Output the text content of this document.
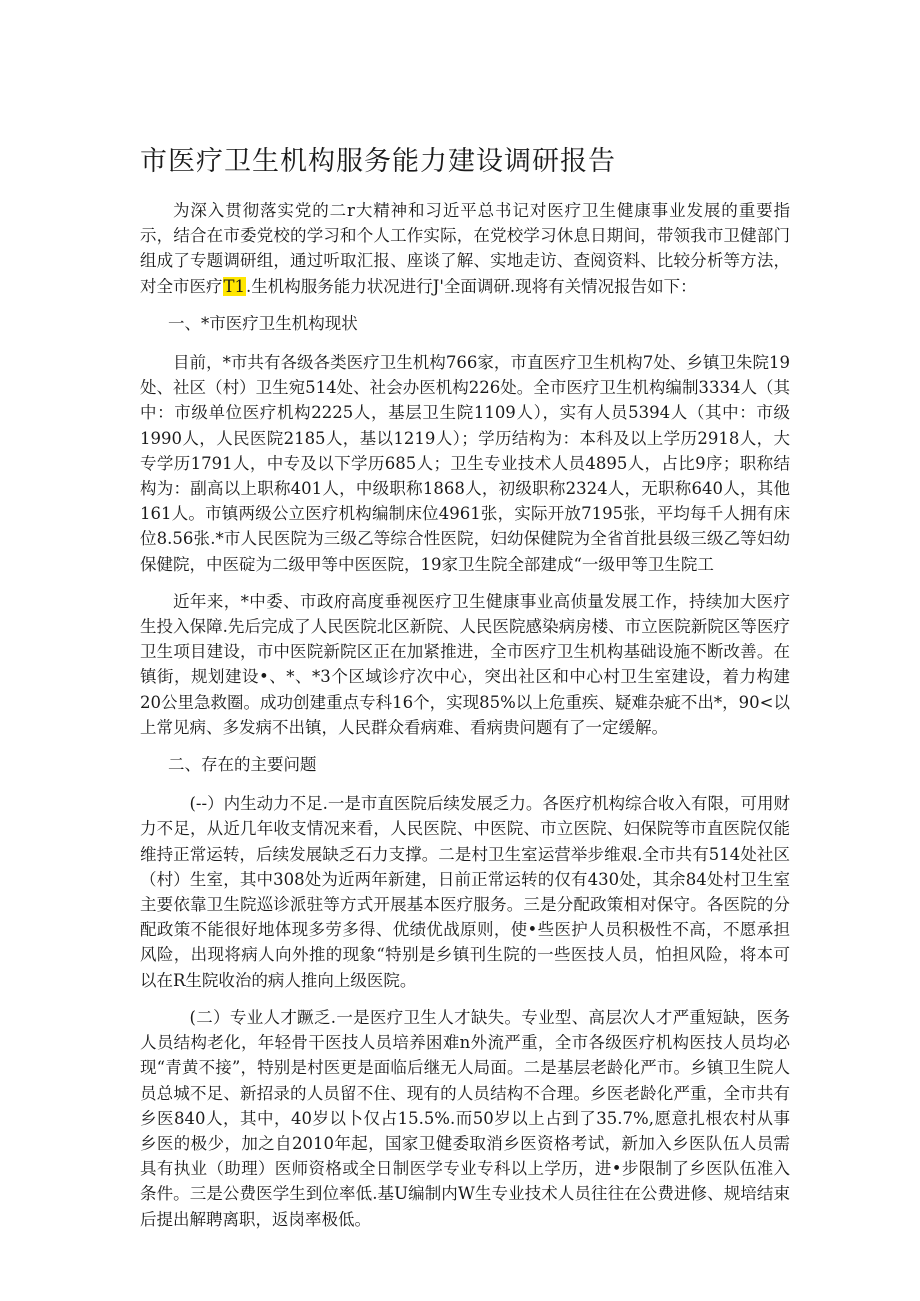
市医疗卫生机构服务能力建设调研报告

为深入贯彻落实党的二r大精神和习近平总书记对医疗卫生健康事业发展的重要指示，结合在市委党校的学习和个人工作实际，在党校学习休息日期间，带领我市卫健部门组成了专题调研组，通过听取汇报、座谈了解、实地走访、查阅资料、比较分析等方法，对全市医疗T1.生机构服务能力状况进行J'全面调研.现将有关情况报告如下：

一、*市医疗卫生机构现状

目前，*市共有各级各类医疗卫生机构766家，市直医疗卫生机构7处、乡镇卫朱院19处、社区（村）卫生宛514处、社会办医机构226处。全市医疗卫生机构编制3334人（其中：市级单位医疗机构2225人，基层卫生院1109人），实有人员5394人（其中：市级1990人，人民医院2185人，基以1219人）；学历结构为：本科及以上学历2918人，大专学历1791人，中专及以下学历685人；卫生专业技术人员4895人，占比9序；职称结构为：副高以上职称401人，中级职称1868人，初级职称2324人，无职称640人，其他161人。市镇两级公立医疗机构编制床位4961张，实际开放7195张，平均每千人拥有床位8.56张.*市人民医院为三级乙等综合性医院，妇幼保健院为全省首批县级三级乙等妇幼保健院，中医碇为二级甲等中医医院，19家卫生院全部建成“一级甲等卫生院工

近年来，*中委、市政府高度垂视医疗卫生健康事业高侦量发展工作，持续加大医疗生投入保障.先后完成了人民医院北区新院、人民医院感染病房楼、市立医院新院区等医疗卫生项目建设，市中医院新院区正在加紧推进，全市医疗卫生机构基础设施不断改善。在镇街，规划建设•、*、*3个区域诊疗次中心，突出社区和中心村卫生室建设，着力构建20公里急救圈。成功创建重点专科16个，实现85%以上危重疾、疑难杂疵不出*，90<以上常见病、多发病不出镇，人民群众看病难、看病贵问题有了一定缓解。

二、存在的主要问题

(--）内生动力不足.一是市直医院后续发展乏力。各医疗机构综合收入有限，可用财力不足，从近几年收支情况来看，人民医院、中医院、市立医院、妇保院等市直医院仅能维持正常运转，后续发展缺乏石力支撑。二是村卫生室运营举步维艰.全市共有514处社区（村）生室，其中308处为近两年新建，日前正常运转的仅有430处，其余84处村卫生室主要依靠卫生院巡诊派驻等方式开展基本医疗服务。三是分配政策相对保守。各医院的分配政策不能很好地体现多劳多得、优绩优战原则，使•些医护人员积极性不高，不愿承担风险，出现将病人向外推的现象“特别是乡镇刊生院的一些医技人员，怕担风险，将本可以在R生院收治的病人推向上级医院。

(二）专业人才蹶乏.一是医疗卫生人才缺失。专业型、高层次人才严重短缺，医务人员结构老化，年轻骨干医技人员培养困难n外流严重，全市各级医疗机构医技人员均必现“青黄不接”，特别是村医更是面临后继无人局面。二是基层老龄化严市。乡镇卫生院人员总城不足、新招录的人员留不住、现有的人员结构不合理。乡医老龄化严重，全市共有乡医840人，其中，40岁以卜仅占15.5%.而50岁以上占到了35.7%,愿意扎根农村从事乡医的极少，加之自2010年起，国家卫健委取消乡医资格考试，新加入乡医队伍人员需具有执业（助理）医师资格或全日制医学专业专科以上学历，进•步限制了乡医队伍准入条件。三是公费医学生到位率低.基U编制内W生专业技术人员往往在公费进修、规培结束后提出解聘离职，返岗率极低。
